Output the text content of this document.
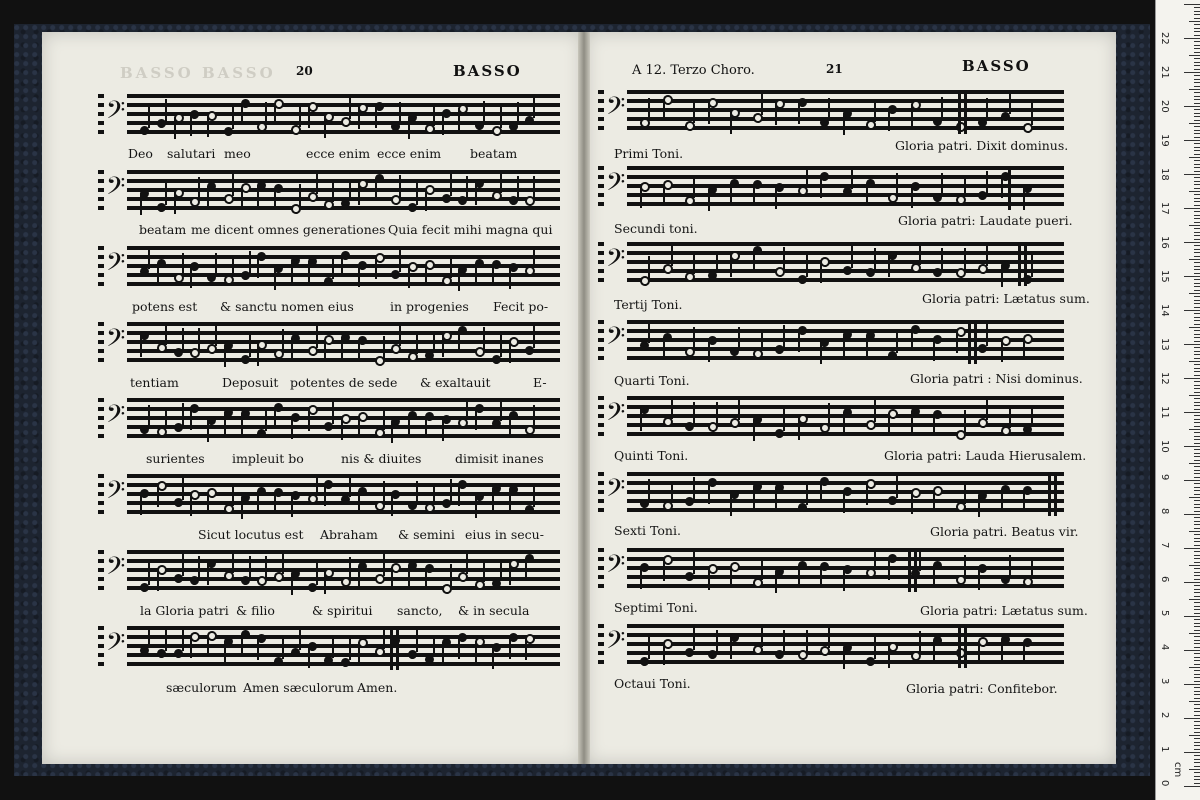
BASSO BASSO 20	BASSO	A 12. Terzo Choro.	21	BASSO
𝄢
𝄢
𝄢
𝄢
𝄢
𝄢
𝄢
𝄢
𝄢
𝄢
𝄢
𝄢
𝄢
𝄢
𝄢
𝄢
Deo salutari meo	ecce enim ecce enim beatam
beatam me dicent omnes generationes Quia fecit mihi magna qui
potens est & sanctu nomen eius	in progenies Fecit po-
tentiam	Deposuit potentes de sede & exaltauit	E-
surientes impleuit bo	nis & diuites	dimisit inanes
Sicut locutus est Abraham & semini eius in secu-
la Gloria patri & filio	& spiritui sancto, & in secula
sæculorum Amen sæculorum Amen.
Primi Toni.
Gloria patri. Dixit dominus.
Secundi toni.
Gloria patri: Laudate pueri.
Tertij Toni.	Gloria patri: Lætatus sum.
Quarti Toni.	Gloria patri : Nisi dominus.
Quinti Toni.	Gloria patri: Lauda Hierusalem.
Sexti Toni.	Gloria patri. Beatus vir.
Septimi Toni.	Gloria patri: Lætatus sum.
Octaui Toni.	Gloria patri: Confitebor.
0
1
2
3
4
5
6
7
8
9
10
11
12
13
14
15
16
17
18
19
20
21
22
cm
